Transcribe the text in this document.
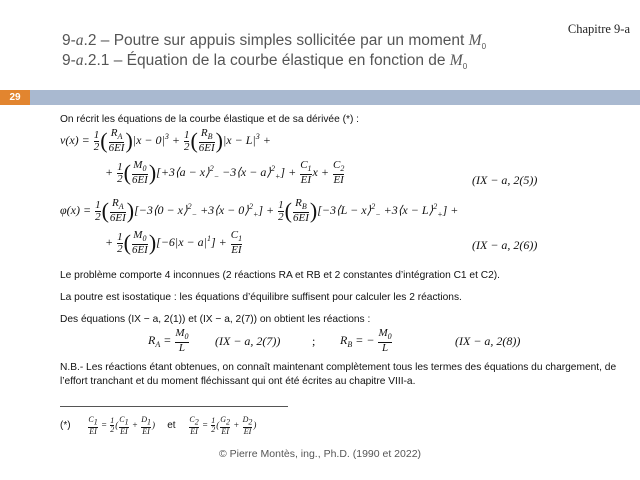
Chapitre 9-a
9-a.2 – Poutre sur appuis simples sollicitée par un moment $M_0$
9-a.2.1 – Équation de la courbe élastique en fonction de $M_0$
29
On récrit les équations de la courbe élastique et de sa dérivée (*) :
$v(x) = \frac{1}{2}$ ( $\frac{R_A}{6EI} )|x - 0|^3 + \frac{1}{2}$ ( $\frac{R_B}{6EI} )|x - L|^3$ +
+ $\frac{1}{2}$ ( $\frac{M_0}{6EI}$ )[+3⟨a − x⟩$^2_-$ −3⟨x − a⟩$^2_+$] + $\frac{C_1}{EI}$ $x + \frac{C_2}{EI}$	(IX − a, 2(5))
$\varphi(x) = \frac{1}{2}$ ( $\frac{R_A}{6EI}$ )[−3⟨0 − x⟩$^2_-$ +3⟨x − 0⟩$^2_+$] + $\frac{1}{2}$ ( $\frac{R_B}{6EI}$ )[−3⟨L − x⟩$^2_-$ +3⟨x − L⟩$^2_+$] +
+ $\frac{1}{2}$ ( $\frac{M_0}{6EI} )[-6|x - a|^1] + \frac{C_1}{EI}$	(IX − a, 2(6))
Le problème comporte 4 inconnues (2 réactions RA et RB et 2 constantes d’intégration C1 et C2).
La poutre est isostatique : les équations d’équilibre suffisent pour calculer les 2 réactions.
Des équations (IX − a, 2(1)) et (IX − a, 2(7)) on obtient les réactions :
$R_A = \frac{M_0}{L} (IX - a$, 2(7))	; $R_B$ = − $\frac{M_0}{L}$	(IX − a, 2(8))
N.B.- Les réactions étant obtenues, on connaît maintenant complètement tous les termes des équations du chargement, de
l’effort tranchant et du moment fléchissant qui ont été écrites au chapitre VIII-a.
(*) $\frac{C_1}{EI} = \frac{1}{2}$ ( $\frac{C_1}{EI} + \frac{D_1}{EI}$ ) et $\frac{C_2}{EI} = \frac{1}{2}$ ( $\frac{G_2}{EI} + \frac{D_2}{EI}$ )
© Pierre Montès, ing., Ph.D. (1990 et 2022)
